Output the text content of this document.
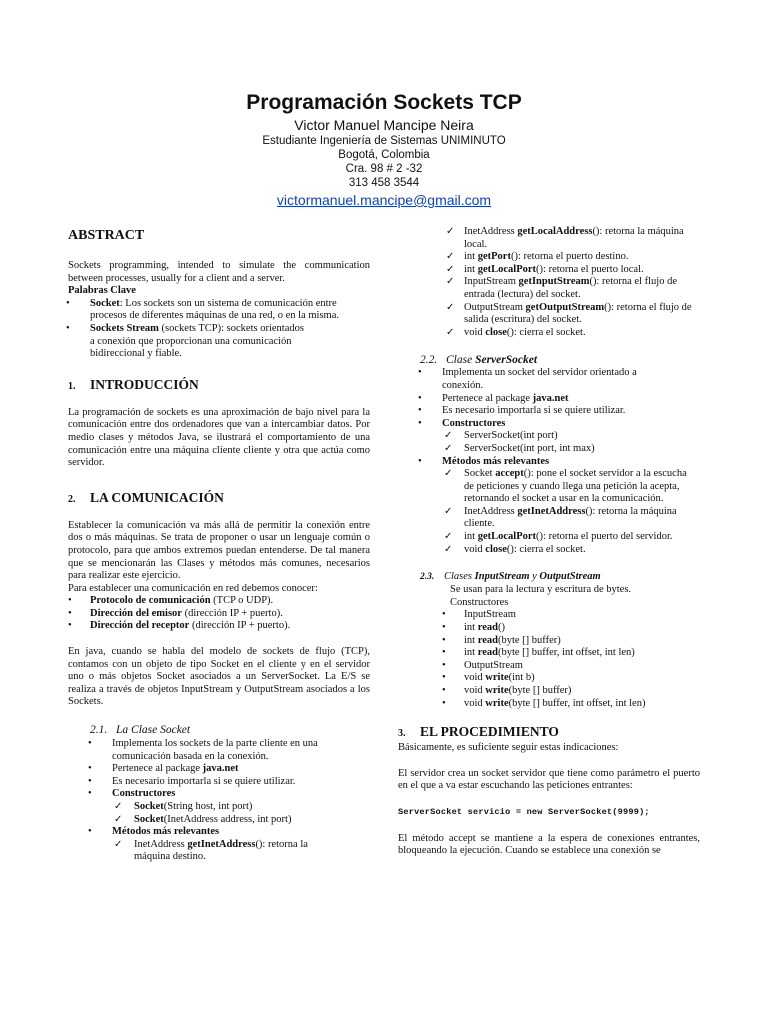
Programación Sockets TCP
Victor Manuel Mancipe Neira
Estudiante Ingeniería de Sistemas UNIMINUTO
Bogotá, Colombia
Cra. 98 # 2 -32
313 458 3544
victormanuel.mancipe@gmail.com
ABSTRACT

Sockets programming, intended to simulate the communication between processes, usually for a client and a server.

Palabras Clave

• Socket: Los sockets son un sistema de comunicación entre procesos de diferentes máquinas de una red, o en la misma.
• Sockets Stream (sockets TCP): sockets orientados a conexión que proporcionan una comunicación bidireccional y fiable.
1. INTRODUCCIÓN

La programación de sockets es una aproximación de bajo nivel para la comunicación entre dos ordenadores que van a intercambiar datos. Por medio clases y métodos Java, se ilustrará el comportamiento de una comunicación entre una máquina cliente cliente y otra que actúa como servidor.

2. LA COMUNICACIÓN

Establecer la comunicación va más allá de permitir la conexión entre dos o más máquinas. Se trata de proponer o usar un lenguaje común o protocolo, para que ambos extremos puedan entenderse. De tal manera que se mencionarán las Clases y métodos más comunes, necesarios para realizar este ejercicio.

Para establecer una comunicación en red debemos conocer:

• Protocolo de comunicación (TCP o UDP).
• Dirección del emisor (dirección IP + puerto).
• Dirección del receptor (dirección IP + puerto).

En java, cuando se habla del modelo de sockets de flujo (TCP), contamos con un objeto de tipo Socket en el cliente y en el servidor uno o más objetos Socket asociados a un ServerSocket. La E/S se realiza a través de objetos InputStream y OutputStream asociados a los Sockets.

2.1. La Clase Socket
• Implementa los sockets de la parte cliente en una comunicación basada en la conexión.
• Pertenece al package java.net
• Es necesario importarla si se quiere utilizar.
• Constructores
✓ Socket(String host, int port)
✓ Socket(InetAddress address, int port)
• Métodos más relevantes
✓ InetAddress getInetAddress(): retorna la máquina destino.
✓ InetAddress getLocalAddress(): retorna la máquina local.
✓ int getPort(): retorna el puerto destino.
✓ int getLocalPort(): retorna el puerto local.
✓ InputStream getInputStream(): retorna el flujo de entrada (lectura) del socket.
✓ OutputStream getOutputStream(): retorna el flujo de salida (escritura) del socket.
✓ void close(): cierra el socket.
2.2. Clase ServerSocket
• Implementa un socket del servidor orientado a conexión.
• Pertenece al package java.net
• Es necesario importarla si se quiere utilizar.
• Constructores
✓ ServerSocket(int port)
✓ ServerSocket(int port, int max)
• Métodos más relevantes
✓ Socket accept(): pone el socket servidor a la escucha de peticiones y cuando llega una petición la acepta, retornando el socket a usar en la comunicación.
✓ InetAddress getInetAddress(): retorna la máquina cliente.
✓ int getLocalPort(): retorna el puerto del servidor.
✓ void close(): cierra el socket.
2.3. Clases InputStream y OutputStream

Se usan para la lectura y escritura de bytes.

Constructores

• InputStream
• int read()
• int read(byte [] buffer)
• int read(byte [] buffer, int offset, int len)
• OutputStream
• void write(int b)
• void write(byte [] buffer)
• void write(byte [] buffer, int offset, int len)
3. EL PROCEDIMIENTO

Básicamente, es suficiente seguir estas indicaciones:

El servidor crea un socket servidor que tiene como parámetro el puerto en el que a va estar escuchando las peticiones entrantes:

ServerSocket servicio = new ServerSocket(9999);

El método accept se mantiene a la espera de conexiones entrantes, bloqueando la ejecución. Cuando se establece una conexión se
